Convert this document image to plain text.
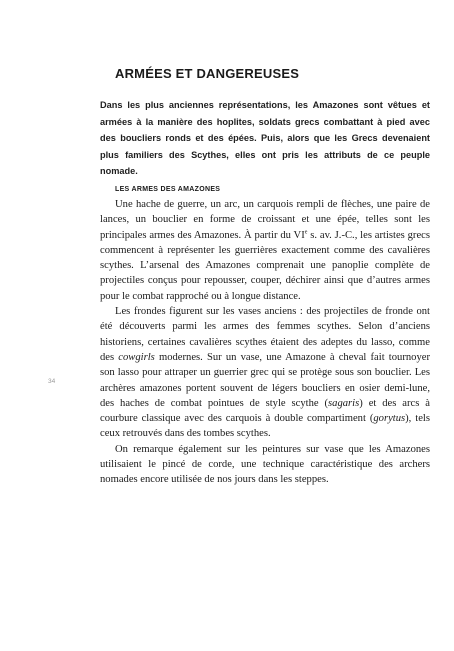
ARMÉES ET DANGEREUSES

Dans les plus anciennes représentations, les Amazones sont vêtues et armées à la manière des hoplites, soldats grecs combattant à pied avec des boucliers ronds et des épées. Puis, alors que les Grecs devenaient plus familiers des Scythes, elles ont pris les attributs de ce peuple nomade.

LES ARMES DES AMAZONES

Une hache de guerre, un arc, un carquois rempli de flèches, une paire de lances, un bouclier en forme de croissant et une épée, telles sont les principales armes des Amazones. À partir du VIe s. av. J.-C., les artistes grecs commencent à représenter les guerrières exactement comme des cavalières scythes. L’arsenal des Amazones comprenait une panoplie complète de projectiles conçus pour repousser, couper, déchirer ainsi que d’autres armes pour le combat rapproché ou à longue distance.

Les frondes figurent sur les vases anciens : des projectiles de fronde ont été découverts parmi les armes des femmes scythes. Selon d’anciens historiens, certaines cavalières scythes étaient des adeptes du lasso, comme des cowgirls modernes. Sur un vase, une Amazone à cheval fait tournoyer son lasso pour attraper un guerrier grec qui se protège sous son bouclier. Les archères amazones portent souvent de légers boucliers en osier demi-lune, des haches de combat pointues de style scythe (sagaris) et des arcs à courbure classique avec des carquois à double compartiment (gorytus), tels ceux retrouvés dans des tombes scythes.

On remarque également sur les peintures sur vase que les Amazones utilisaient le pincé de corde, une technique caractéristique des archers nomades encore utilisée de nos jours dans les steppes.

34
